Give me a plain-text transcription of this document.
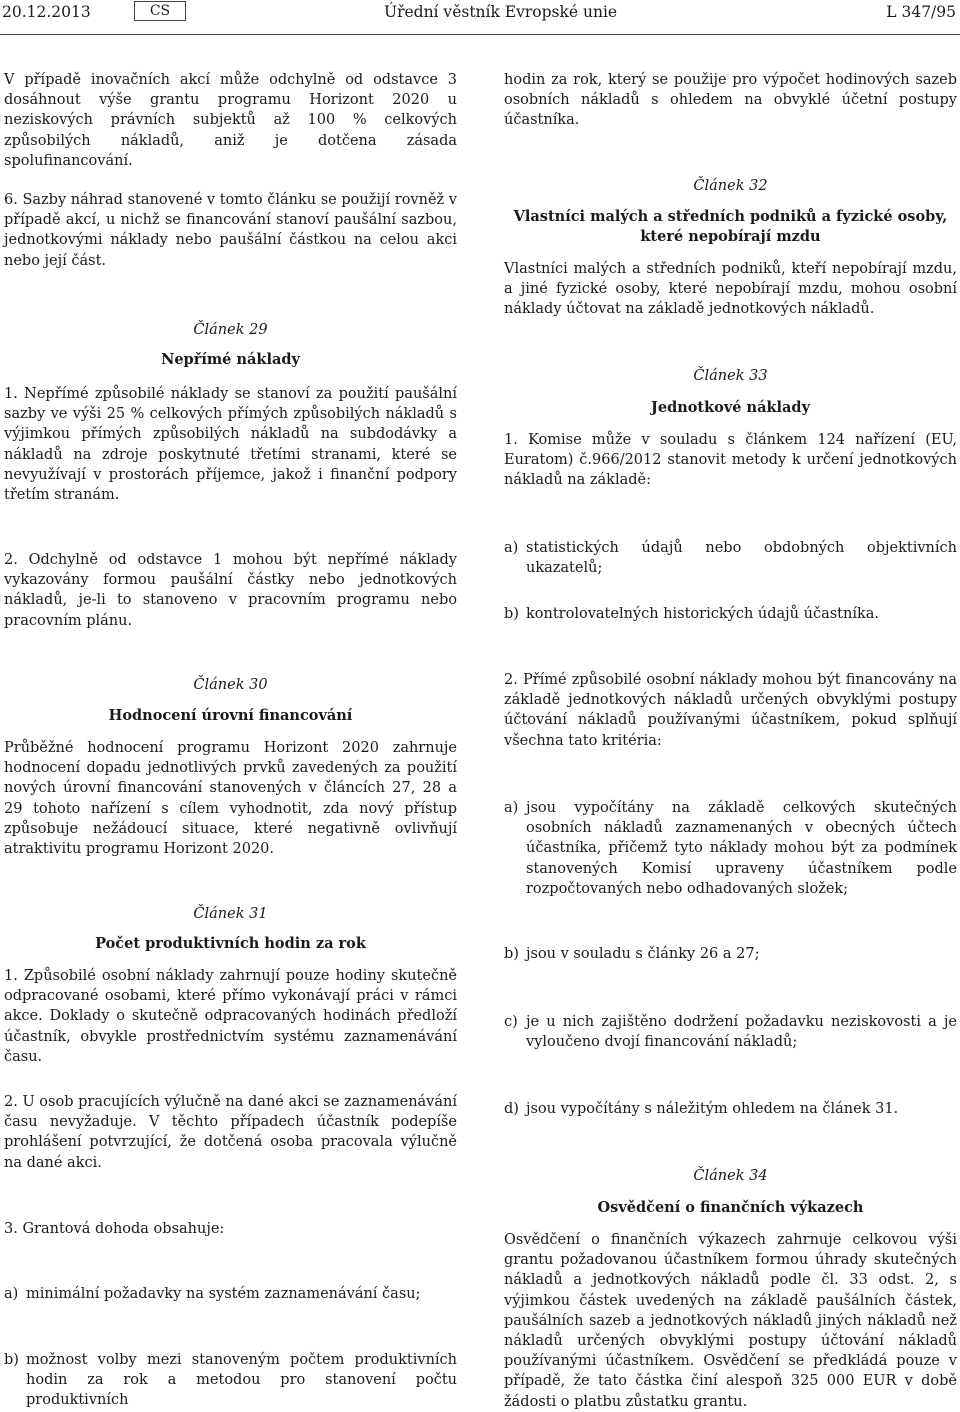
20.12.2013	CS	Úřední věstník Evropské unie	L 347/95

V případě inovačních akcí může odchylně od odstavce 3 dosáhnout výše grantu programu Horizont 2020 u neziskových právních subjektů až 100 % celkových způsobilých nákladů, aniž je dotčena zásada spolufinancování.

6. Sazby náhrad stanovené v tomto článku se použijí rovněž v případě akcí, u nichž se financování stanoví paušální sazbou, jednotkovými náklady nebo paušální částkou na celou akci nebo její část.

Článek 29

Nepřímé náklady

1. Nepřímé způsobilé náklady se stanoví za použití paušální sazby ve výši 25 % celkových přímých způsobilých nákladů s výjimkou přímých způsobilých nákladů na subdodávky a nákladů na zdroje poskytnuté třetími stranami, které se nevyužívají v prostorách příjemce, jakož i finanční podpory třetím stranám.

2. Odchylně od odstavce 1 mohou být nepřímé náklady vykazovány formou paušální částky nebo jednotkových nákladů, je-li to stanoveno v pracovním programu nebo pracovním plánu.

Článek 30

Hodnocení úrovní financování

Průběžné hodnocení programu Horizont 2020 zahrnuje hodnocení dopadu jednotlivých prvků zavedených za použití nových úrovní financování stanovených v článcích 27, 28 a 29 tohoto nařízení s cílem vyhodnotit, zda nový přístup způsobuje nežádoucí situace, které negativně ovlivňují atraktivitu programu Horizont 2020.

Článek 31

Počet produktivních hodin za rok

1. Způsobilé osobní náklady zahrnují pouze hodiny skutečně odpracované osobami, které přímo vykonávají práci v rámci akce. Doklady o skutečně odpracovaných hodinách předloží účastník, obvykle prostřednictvím systému zaznamenávání času.

2. U osob pracujících výlučně na dané akci se zaznamenávání času nevyžaduje. V těchto případech účastník podepíše prohlášení potvrzující, že dotčená osoba pracovala výlučně na dané akci.

3. Grantová dohoda obsahuje:

a) minimální požadavky na systém zaznamenávání času;
b) možnost volby mezi stanoveným počtem produktivních hodin za rok a metodou pro stanovení počtu produktivních

hodin za rok, který se použije pro výpočet hodinových sazeb osobních nákladů s ohledem na obvyklé účetní postupy účastníka.

Článek 32

Vlastníci malých a středních podniků a fyzické osoby, které nepobírají mzdu

Vlastníci malých a středních podniků, kteří nepobírají mzdu, a jiné fyzické osoby, které nepobírají mzdu, mohou osobní náklady účtovat na základě jednotkových nákladů.

Článek 33

Jednotkové náklady

1. Komise může v souladu s článkem 124 nařízení (EU, Euratom) č.966/2012 stanovit metody k určení jednotkových nákladů na základě:

a) statistických údajů nebo obdobných objektivních ukazatelů;
b) kontrolovatelných historických údajů účastníka.

2. Přímé způsobilé osobní náklady mohou být financovány na základě jednotkových nákladů určených obvyklými postupy účtování nákladů používanými účastníkem, pokud splňují všechna tato kritéria:

a) jsou vypočítány na základě celkových skutečných osobních nákladů zaznamenaných v obecných účtech účastníka, přičemž tyto náklady mohou být za podmínek stanovených Komisí upraveny účastníkem podle rozpočtovaných nebo odhadovaných složek;
b) jsou v souladu s články 26 a 27;
c) je u nich zajištěno dodržení požadavku neziskovosti a je vyloučeno dvojí financování nákladů;
d) jsou vypočítány s náležitým ohledem na článek 31.

Článek 34

Osvědčení o finančních výkazech

Osvědčení o finančních výkazech zahrnuje celkovou výši grantu požadovanou účastníkem formou úhrady skutečných nákladů a jednotkových nákladů podle čl. 33 odst. 2, s výjimkou částek uvedených na základě paušálních částek, paušálních sazeb a jednotkových nákladů jiných nákladů než nákladů určených obvyklými postupy účtování nákladů používanými účastníkem. Osvědčení se předkládá pouze v případě, že tato částka činí alespoň 325 000 EUR v době žádosti o platbu zůstatku grantu.
